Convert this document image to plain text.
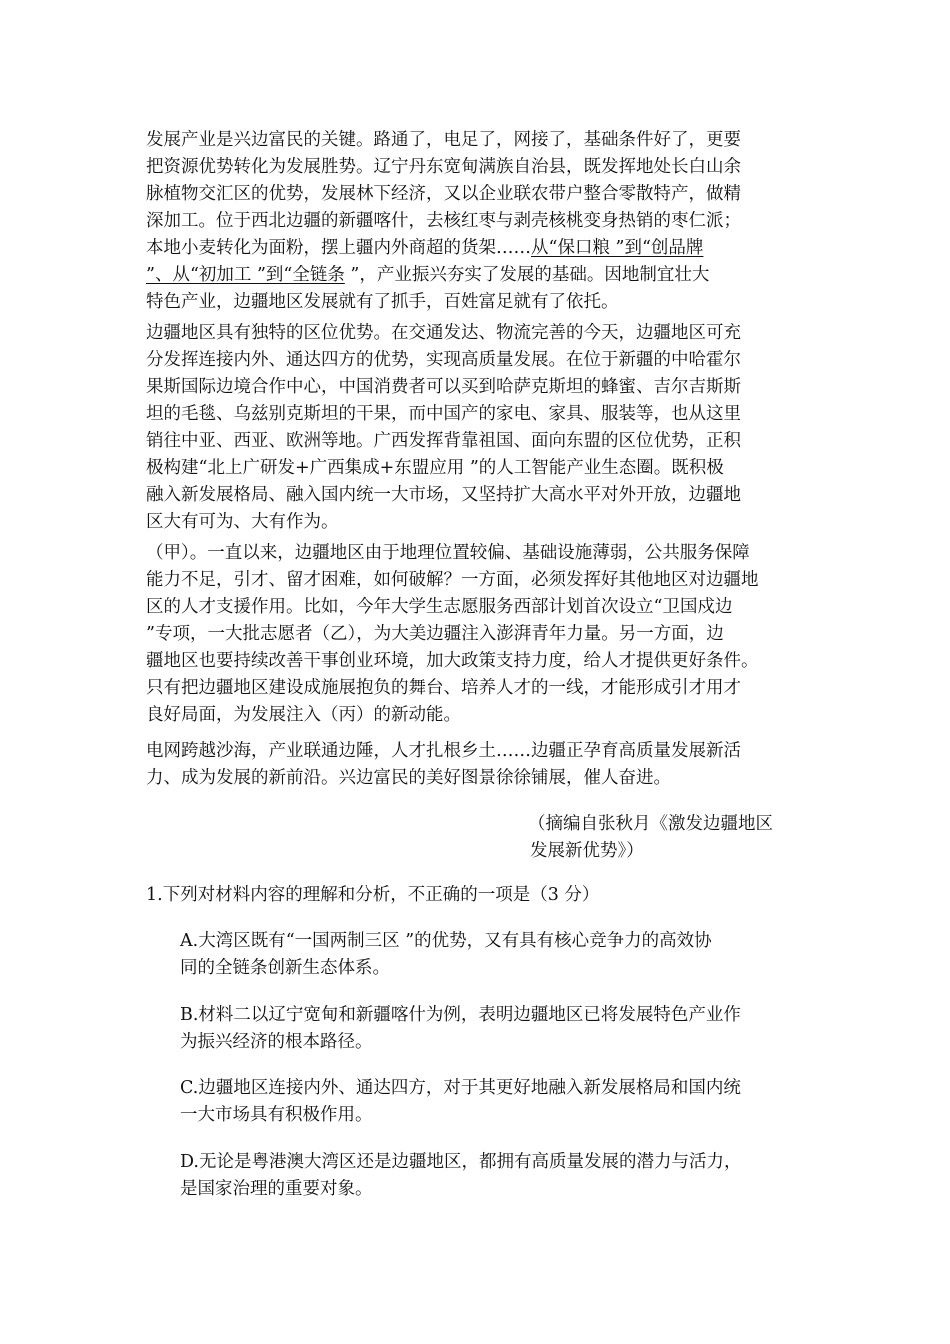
发展产业是兴边富民的关键。路通了，电足了，网接了，基础条件好了，更要
把资源优势转化为发展胜势。辽宁丹东宽甸满族自治县，既发挥地处长白山余
脉植物交汇区的优势，发展林下经济，又以企业联农带户整合零散特产，做精
深加工。位于西北边疆的新疆喀什，去核红枣与剥壳核桃变身热销的枣仁派；
本地小麦转化为面粉，摆上疆内外商超的货架……从“保口粮 ”到“创品牌
”、从“初加工 ”到“全链条 ”，产业振兴夯实了发展的基础。因地制宜壮大
特色产业，边疆地区发展就有了抓手，百姓富足就有了依托。
边疆地区具有独特的区位优势。在交通发达、物流完善的今天，边疆地区可充
分发挥连接内外、通达四方的优势，实现高质量发展。在位于新疆的中哈霍尔
果斯国际边境合作中心，中国消费者可以买到哈萨克斯坦的蜂蜜、吉尔吉斯斯
坦的毛毯、乌兹别克斯坦的干果，而中国产的家电、家具、服装等，也从这里
销往中亚、西亚、欧洲等地。广西发挥背靠祖国、面向东盟的区位优势，正积
极构建“北上广研发+广西集成+东盟应用 ”的人工智能产业生态圈。既积极
融入新发展格局、融入国内统一大市场，又坚持扩大高水平对外开放，边疆地
区大有可为、大有作为。
（甲）。一直以来，边疆地区由于地理位置较偏、基础设施薄弱，公共服务保障
能力不足，引才、留才困难，如何破解？一方面，必须发挥好其他地区对边疆地
区的人才支援作用。比如，今年大学生志愿服务西部计划首次设立“卫国戍边
”专项，一大批志愿者（乙），为大美边疆注入澎湃青年力量。另一方面，边
疆地区也要持续改善干事创业环境，加大政策支持力度，给人才提供更好条件。
只有把边疆地区建设成施展抱负的舞台、培养人才的一线，才能形成引才用才
良好局面，为发展注入（丙）的新动能。
电网跨越沙海，产业联通边陲，人才扎根乡土……边疆正孕育高质量发展新活
力、成为发展的新前沿。兴边富民的美好图景徐徐铺展，催人奋进。
（摘编自张秋月《激发边疆地区
发展新优势》）
1.下列对材料内容的理解和分析，不正确的一项是（3 分）
A.大湾区既有“一国两制三区 ”的优势，又有具有核心竞争力的高效协
同的全链条创新生态体系。
B.材料二以辽宁宽甸和新疆喀什为例，表明边疆地区已将发展特色产业作
为振兴经济的根本路径。
C.边疆地区连接内外、通达四方，对于其更好地融入新发展格局和国内统
一大市场具有积极作用。
D.无论是粤港澳大湾区还是边疆地区，都拥有高质量发展的潜力与活力，
是国家治理的重要对象。
